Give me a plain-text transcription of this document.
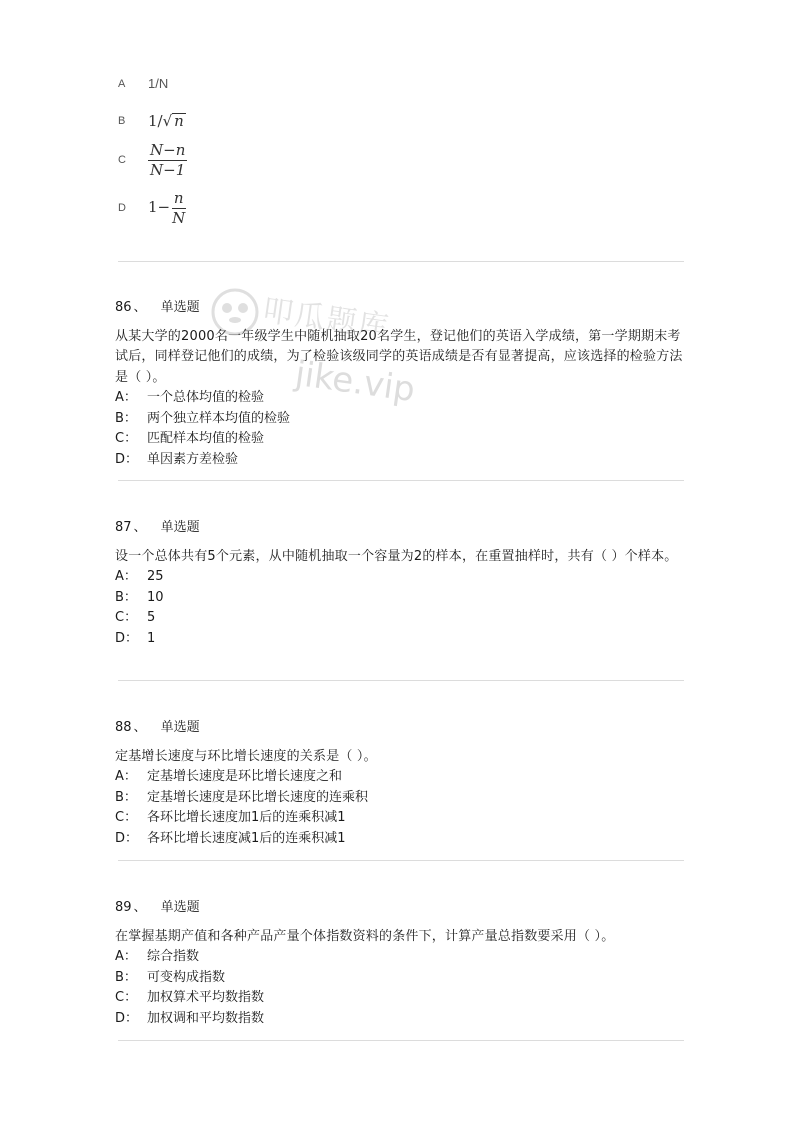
A	1/N
B	1/ √ n
C	$\frac{N-n}{N-1}$
D	$1- \frac{n}{N}$
86 、 单选题
从某大学的2000名一年级学生中随机抽取20名学生，登记他们的英语入学成绩，第一学期期末考试后，同样登记他们的成绩，为了检验该级同学的英语成绩是否有显著提高，应该选择的检验方法是（ ）。
A： 一个总体均值的检验
B： 两个独立样本均值的检验
C： 匹配样本均值的检验
D： 单因素方差检验
87 、 单选题
设一个总体共有5个元素，从中随机抽取一个容量为2的样本，在重置抽样时，共有（ ）个样本。
A： 25
B： 10
C： 5
D： 1
88 、 单选题
定基增长速度与环比增长速度的关系是（ ）。
A： 定基增长速度是环比增长速度之和
B： 定基增长速度是环比增长速度的连乘积
C： 各环比增长速度加1后的连乘积减1
D： 各环比增长速度减1后的连乘积减1
89 、 单选题
在掌握基期产值和各种产品产量个体指数资料的条件下，计算产量总指数要采用（ ）。
A： 综合指数
B： 可变构成指数
C： 加权算术平均数指数
D： 加权调和平均数指数
叩瓜题库
jike.vip
